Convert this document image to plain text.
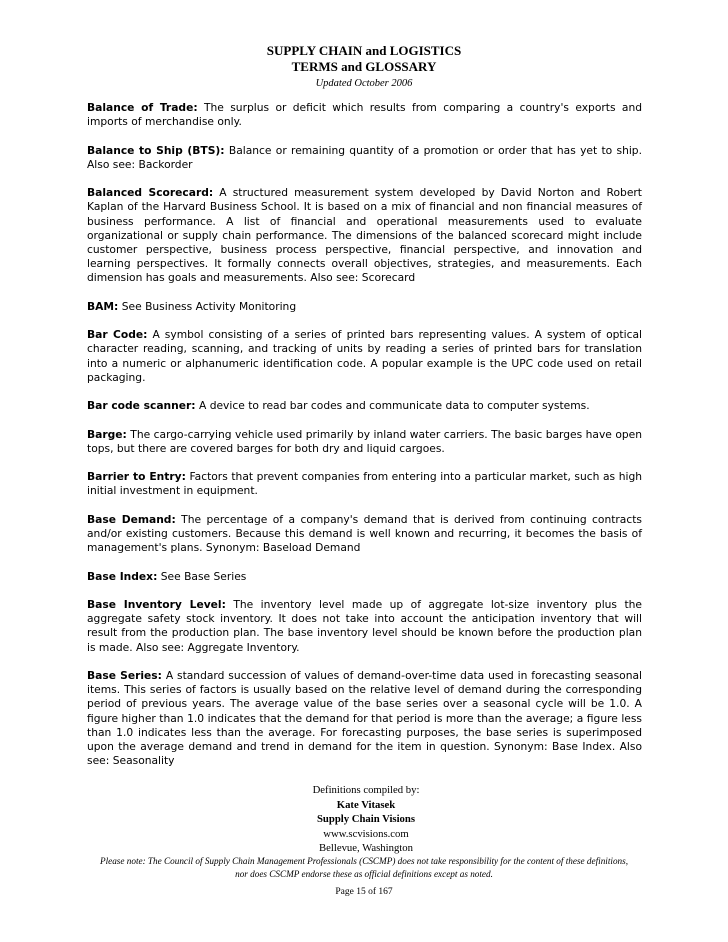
SUPPLY CHAIN and LOGISTICS
TERMS and GLOSSARY
Updated October 2006

Balance of Trade: The surplus or deficit which results from comparing a country's exports and imports of merchandise only.

Balance to Ship (BTS): Balance or remaining quantity of a promotion or order that has yet to ship. Also see: Backorder

Balanced Scorecard: A structured measurement system developed by David Norton and Robert Kaplan of the Harvard Business School. It is based on a mix of financial and non financial measures of business performance. A list of financial and operational measurements used to evaluate organizational or supply chain performance. The dimensions of the balanced scorecard might include customer perspective, business process perspective, financial perspective, and innovation and learning perspectives. It formally connects overall objectives, strategies, and measurements. Each dimension has goals and measurements. Also see: Scorecard

BAM: See Business Activity Monitoring

Bar Code: A symbol consisting of a series of printed bars representing values. A system of optical character reading, scanning, and tracking of units by reading a series of printed bars for translation into a numeric or alphanumeric identification code. A popular example is the UPC code used on retail packaging.

Bar code scanner: A device to read bar codes and communicate data to computer systems.

Barge: The cargo-carrying vehicle used primarily by inland water carriers. The basic barges have open tops, but there are covered barges for both dry and liquid cargoes.

Barrier to Entry: Factors that prevent companies from entering into a particular market, such as high initial investment in equipment.

Base Demand: The percentage of a company's demand that is derived from continuing contracts and/or existing customers. Because this demand is well known and recurring, it becomes the basis of management's plans. Synonym: Baseload Demand

Base Index: See Base Series

Base Inventory Level: The inventory level made up of aggregate lot-size inventory plus the aggregate safety stock inventory. It does not take into account the anticipation inventory that will result from the production plan. The base inventory level should be known before the production plan is made. Also see: Aggregate Inventory.

Base Series: A standard succession of values of demand-over-time data used in forecasting seasonal items. This series of factors is usually based on the relative level of demand during the corresponding period of previous years. The average value of the base series over a seasonal cycle will be 1.0. A figure higher than 1.0 indicates that the demand for that period is more than the average; a figure less than 1.0 indicates less than the average. For forecasting purposes, the base series is superimposed upon the average demand and trend in demand for the item in question. Synonym: Base Index. Also see: Seasonality

Definitions compiled by:
Kate Vitasek
Supply Chain Visions
www.scvisions.com
Bellevue, Washington
Please note: The Council of Supply Chain Management Professionals (CSCMP) does not take responsibility for the content of these definitions,
nor does CSCMP endorse these as official definitions except as noted.
Page 15 of 167
